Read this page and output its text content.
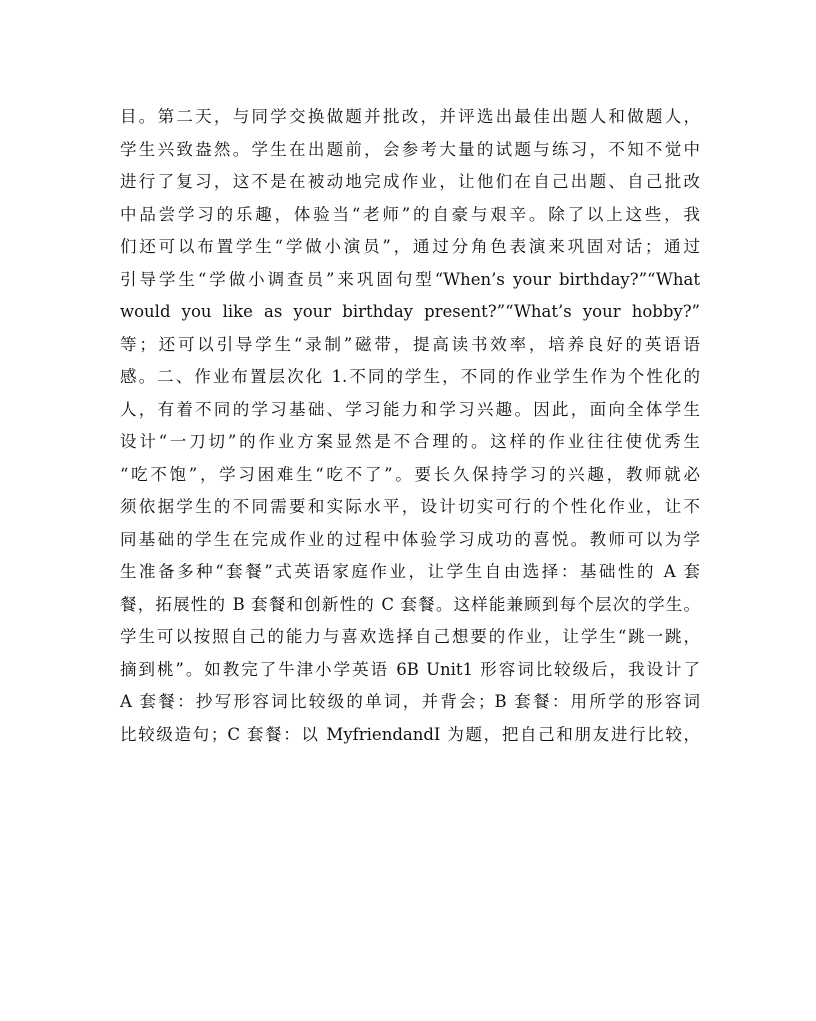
目。第二天，与同学交换做题并批改，并评选出最佳出题人和做题人，
学生兴致盎然。学生在出题前，会参考大量的试题与练习，不知不觉中
进行了复习，这不是在被动地完成作业，让他们在自己出题、自己批改
中品尝学习的乐趣，体验当“老师”的自豪与艰辛。除了以上这些，我
们还可以布置学生“学做小演员”，通过分角色表演来巩固对话；通过
引导学生“学做小调查员”来巩固句型“When’s your birthday?”“What
would you like as your birthday present?”“What’s your hobby?”
等；还可以引导学生“录制”磁带，提高读书效率，培养良好的英语语
感。二、作业布置层次化 1.不同的学生，不同的作业学生作为个性化的
人，有着不同的学习基础、学习能力和学习兴趣。因此，面向全体学生
设计“一刀切”的作业方案显然是不合理的。这样的作业往往使优秀生
“吃不饱”，学习困难生“吃不了”。要长久保持学习的兴趣，教师就必
须依据学生的不同需要和实际水平，设计切实可行的个性化作业，让不
同基础的学生在完成作业的过程中体验学习成功的喜悦。教师可以为学
生准备多种“套餐”式英语家庭作业，让学生自由选择：基础性的 A 套
餐，拓展性的 B 套餐和创新性的 C 套餐。这样能兼顾到每个层次的学生。
学生可以按照自己的能力与喜欢选择自己想要的作业，让学生“跳一跳，
摘到桃”。如教完了牛津小学英语 6B Unit1 形容词比较级后，我设计了
A 套餐：抄写形容词比较级的单词，并背会；B 套餐：用所学的形容词
比较级造句；C 套餐：以 MyfriendandI 为题，把自己和朋友进行比较，
